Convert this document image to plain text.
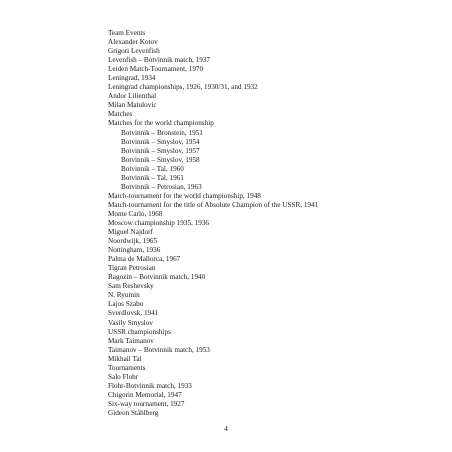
Team Events
Alexander Kotov
Grigori Levenfish
Levenfish – Botvinnik match, 1937
Leiden Match-Tournament, 1970
Leningrad, 1934
Leningrad championships, 1926, 1930/31, and 1932
Andor Lilienthal
Milan Matulovic
Matches
Matches for the world championship
Botvinnik – Bronstein, 1951
Botvinnik – Smyslov, 1954
Botvinnik – Smyslov, 1957
Botvinnik – Smyslov, 1958
Botvinnik – Tal, 1960
Botvinnik – Tal, 1961
Botvinnik – Petrosian, 1963
Match-tournament for the world championship, 1948
Match-tournament for the title of Absolute Champion of the USSR, 1941
Monte Carlo, 1968
Moscow championship 1935, 1936
Miguel Najdorf
Noordwijk, 1965
Nottingham, 1936
Palma de Mallorca, 1967
Tigran Petrosian
Ragozin – Botvinnik match, 1940
Sam Reshevsky
N. Ryumin
Lajos Szabo
Sverdlovsk, 1941
Vasily Smyslov
USSR championships
Mark Taimanov
Taimanov – Botvinnik match, 1953
Mikhail Tal
Tournaments
Salo Flohr
Flohr-Botvinnik match, 1933
Chigorin Memorial, 1947
Six-way tournament, 1927
Gideon Ståhlberg
4
